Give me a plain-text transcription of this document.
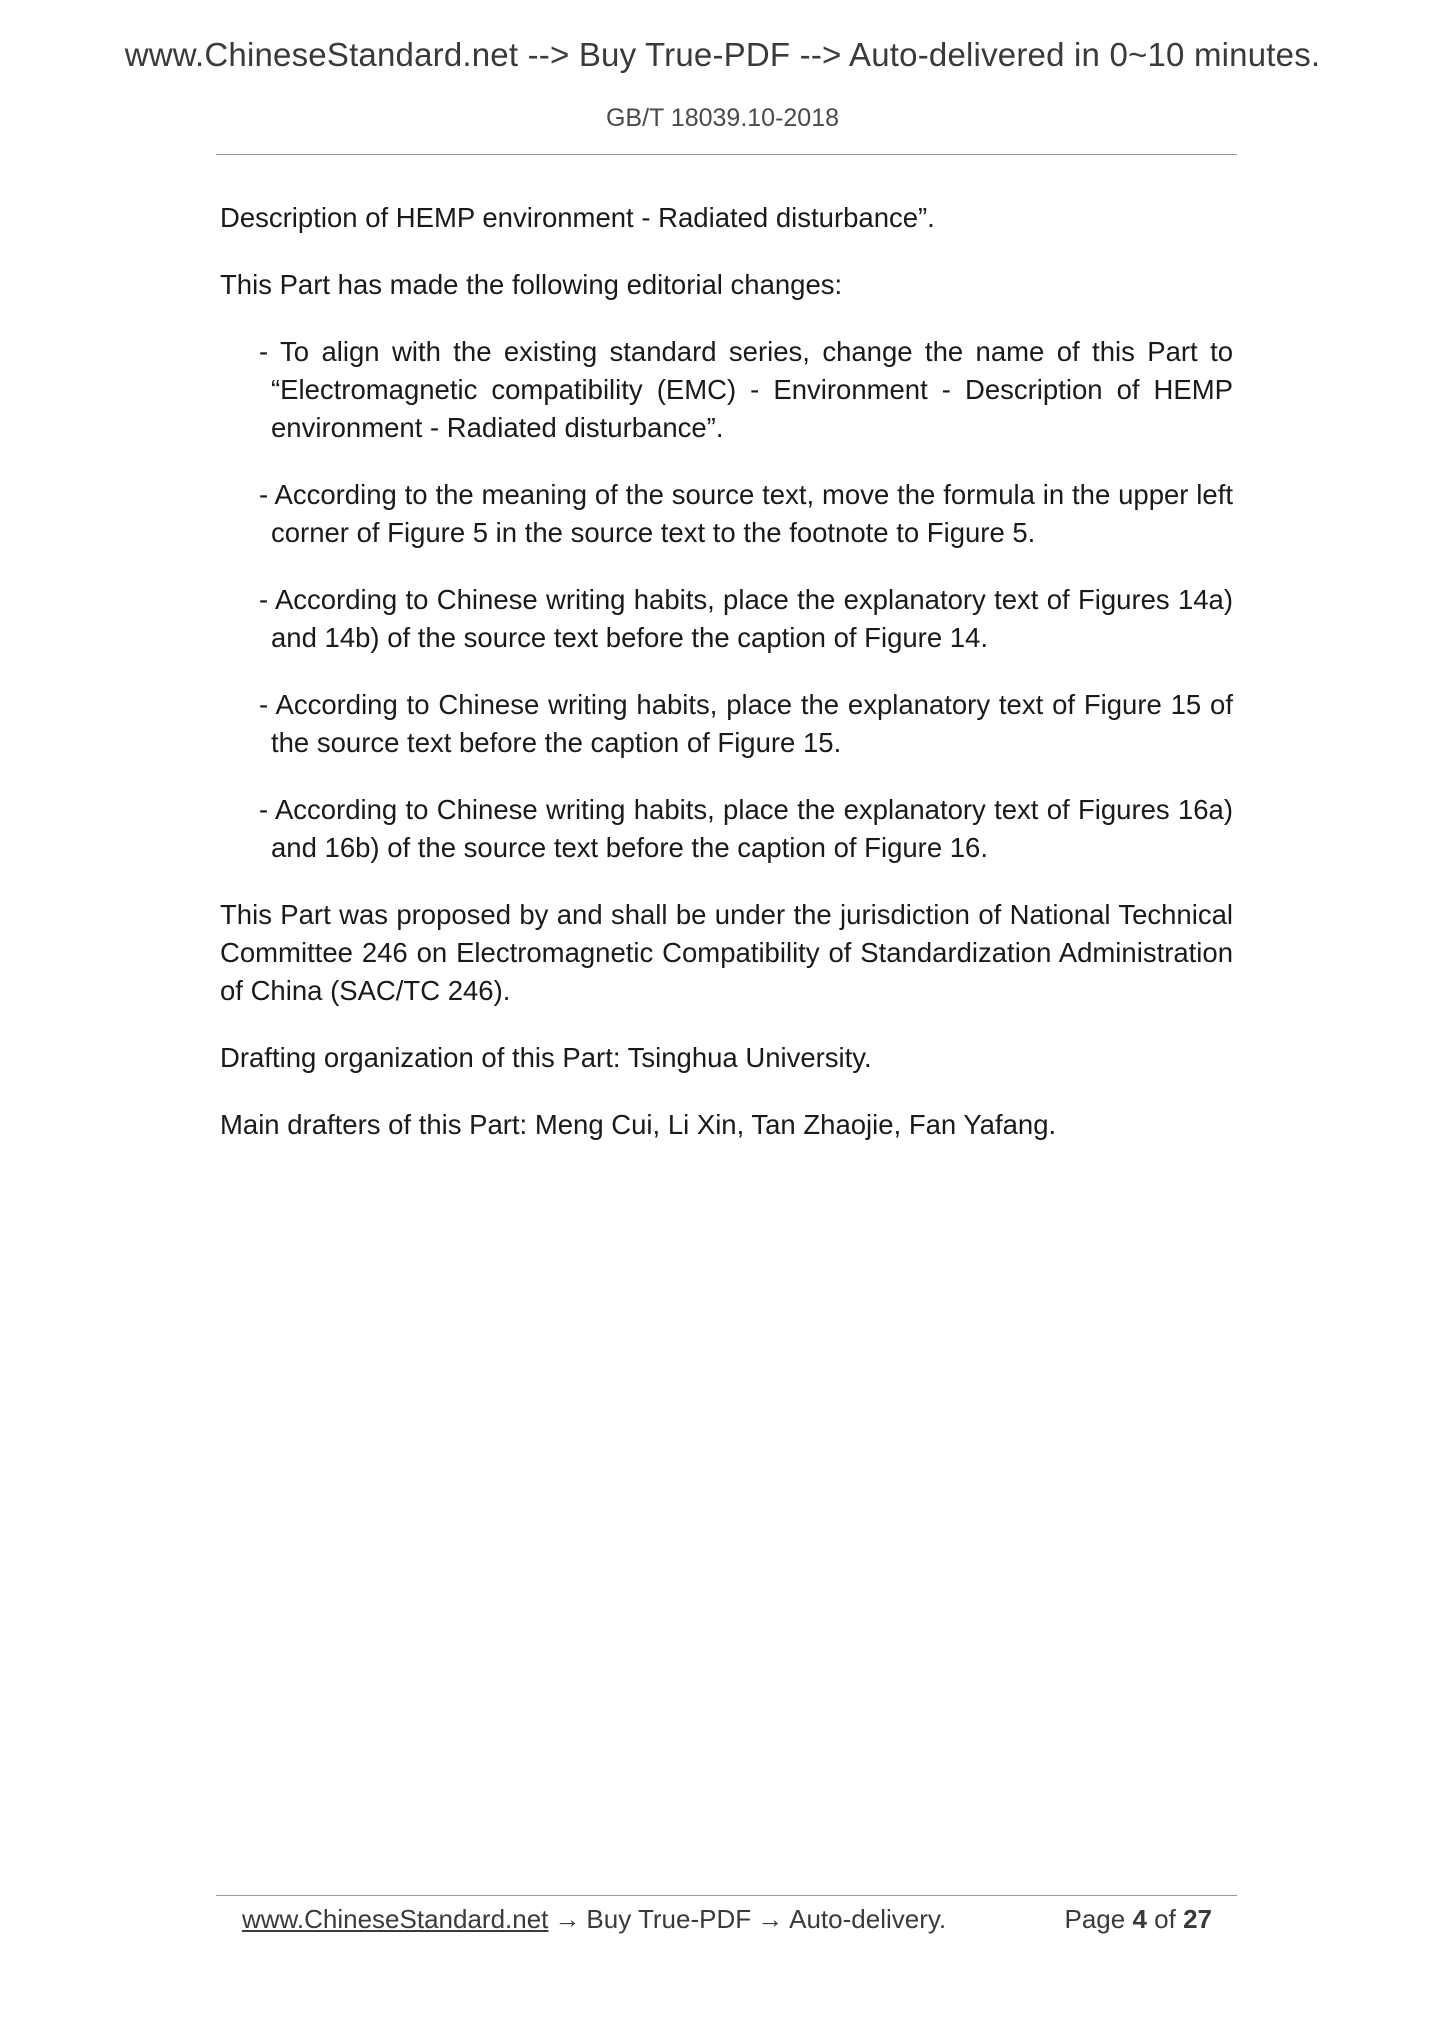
www.ChineseStandard.net --> Buy True-PDF --> Auto-delivered in 0~10 minutes.
GB/T 18039.10-2018

Description of HEMP environment - Radiated disturbance”.

This Part has made the following editorial changes:

- To align with the existing standard series, change the name of this Part to “Electromagnetic compatibility (EMC) - Environment - Description of HEMP environment - Radiated disturbance”.

- According to the meaning of the source text, move the formula in the upper left corner of Figure 5 in the source text to the footnote to Figure 5.

- According to Chinese writing habits, place the explanatory text of Figures 14a) and 14b) of the source text before the caption of Figure 14.

- According to Chinese writing habits, place the explanatory text of Figure 15 of the source text before the caption of Figure 15.

- According to Chinese writing habits, place the explanatory text of Figures 16a) and 16b) of the source text before the caption of Figure 16.

This Part was proposed by and shall be under the jurisdiction of National Technical Committee 246 on Electromagnetic Compatibility of Standardization Administration of China (SAC/TC 246).

Drafting organization of this Part: Tsinghua University.

Main drafters of this Part: Meng Cui, Li Xin, Tan Zhaojie, Fan Yafang.

www.ChineseStandard.net → Buy True-PDF → Auto-delivery.	Page 4 of 27
